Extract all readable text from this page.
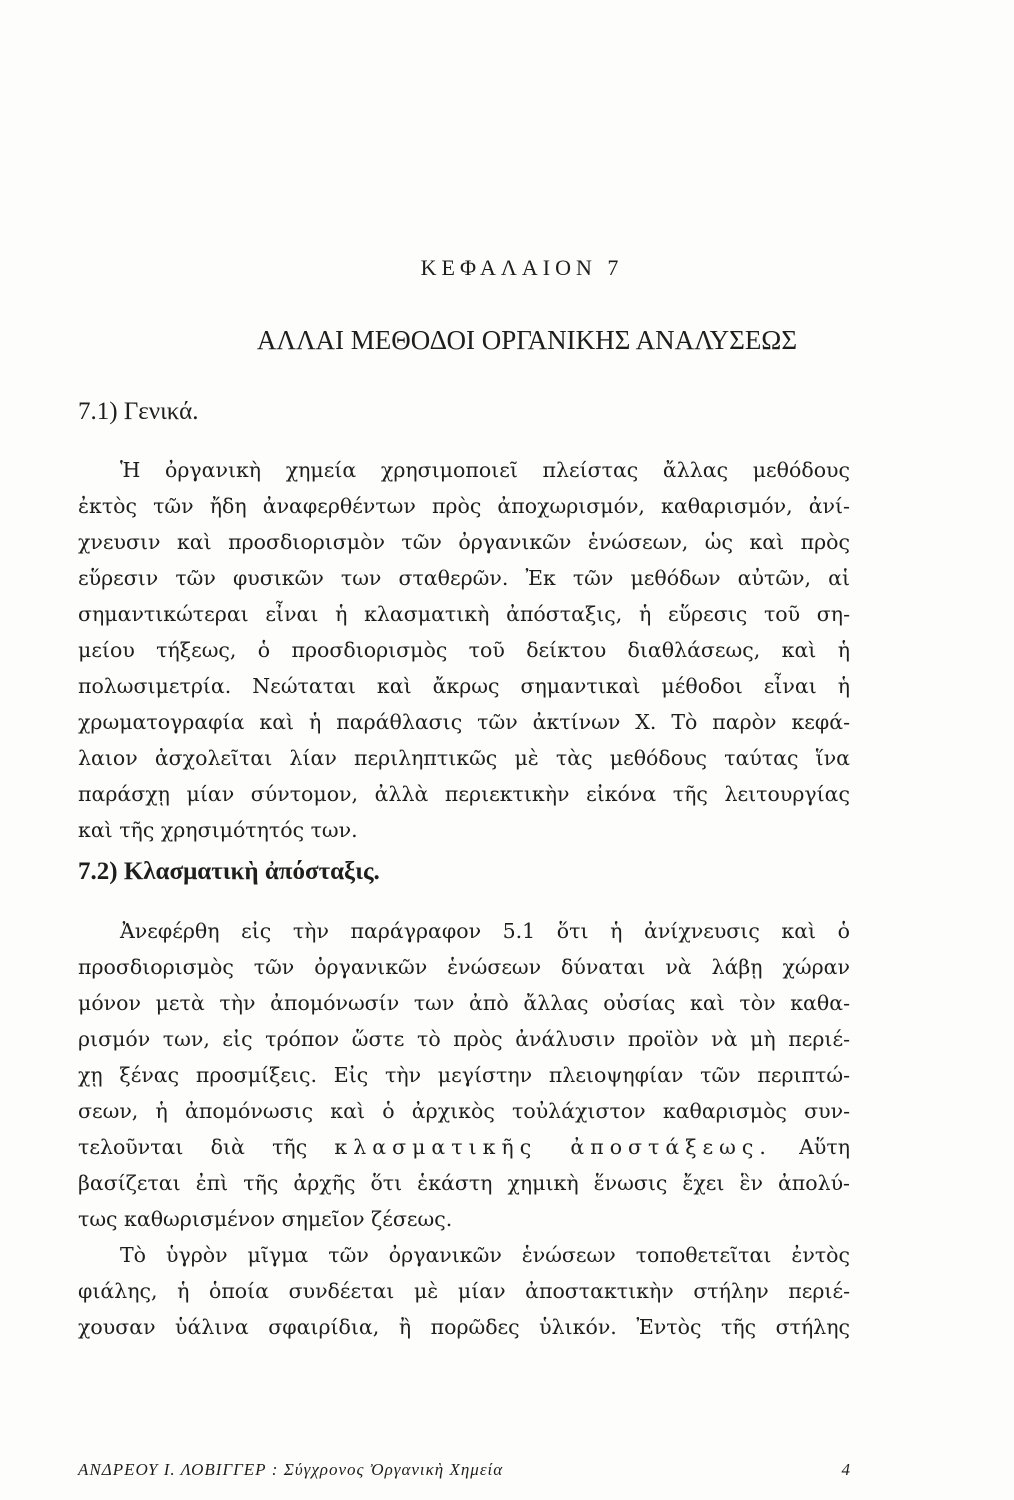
ΚΕΦΑΛΑΙΟΝ 7
ΑΛΛΑΙ ΜΕΘΟΔΟΙ ΟΡΓΑΝΙΚΗΣ ΑΝΑΛΥΣΕΩΣ
7.1) Γενικά.
Ἡ ὀργανικὴ χημεία χρησιμοποιεῖ πλείστας ἄλλας μεθόδους
ἐκτὸς τῶν ἤδη ἀναφερθέντων πρὸς ἀποχωρισμόν, καθαρισμόν, ἀνί-
χνευσιν καὶ προσδιορισμὸν τῶν ὀργανικῶν ἑνώσεων, ὡς καὶ πρὸς
εὕρεσιν τῶν φυσικῶν των σταθερῶν. Ἐκ τῶν μεθόδων αὐτῶν, αἱ
σημαντικώτεραι εἶναι ἡ κλασματικὴ ἀπόσταξις, ἡ εὕρεσις τοῦ ση-
μείου τήξεως, ὁ προσδιορισμὸς τοῦ δείκτου διαθλάσεως, καὶ ἡ
πολωσιμετρία. Νεώταται καὶ ἄκρως σημαντικαὶ μέθοδοι εἶναι ἡ
χρωματογραφία καὶ ἡ παράθλασις τῶν ἀκτίνων Χ. Τὸ παρὸν κεφά-
λαιον ἀσχολεῖται λίαν περιληπτικῶς μὲ τὰς μεθόδους ταύτας ἵνα
παράσχῃ μίαν σύντομον, ἀλλὰ περιεκτικὴν εἰκόνα τῆς λειτουργίας
καὶ τῆς χρησιμότητός των.
7.2) Κλασματικὴ ἀπόσταξις.
Ἀνεφέρθη εἰς τὴν παράγραφον 5.1 ὅτι ἡ ἀνίχνευσις καὶ ὁ
προσδιορισμὸς τῶν ὀργανικῶν ἑνώσεων δύναται νὰ λάβῃ χώραν
μόνον μετὰ τὴν ἀπομόνωσίν των ἀπὸ ἄλλας οὐσίας καὶ τὸν καθα-
ρισμόν των, εἰς τρόπον ὥστε τὸ πρὸς ἀνάλυσιν προϊὸν νὰ μὴ περιέ-
χῃ ξένας προσμίξεις. Εἰς τὴν μεγίστην πλειοψηφίαν τῶν περιπτώ-
σεων, ἡ ἀπομόνωσις καὶ ὁ ἀρχικὸς τοὐλάχιστον καθαρισμὸς συν-
τελοῦνται διὰ τῆς κλασματικῆς ἀποστάξεως. Αὕτη
βασίζεται ἐπὶ τῆς ἀρχῆς ὅτι ἑκάστη χημικὴ ἕνωσις ἔχει ἓν ἀπολύ-
τως καθωρισμένον σημεῖον ζέσεως.
Τὸ ὑγρὸν μῖγμα τῶν ὀργανικῶν ἑνώσεων τοποθετεῖται ἐντὸς
φιάλης, ἡ ὁποία συνδέεται μὲ μίαν ἀποστακτικὴν στήλην περιέ-
χουσαν ὑάλινα σφαιρίδια, ἢ πορῶδες ὑλικόν. Ἐντὸς τῆς στήλης
ΑΝΔΡΕΟΥ Ι. ΛΟΒΙΓΓΕΡ : Σύγχρονος Ὀργανικὴ Χημεία	4
